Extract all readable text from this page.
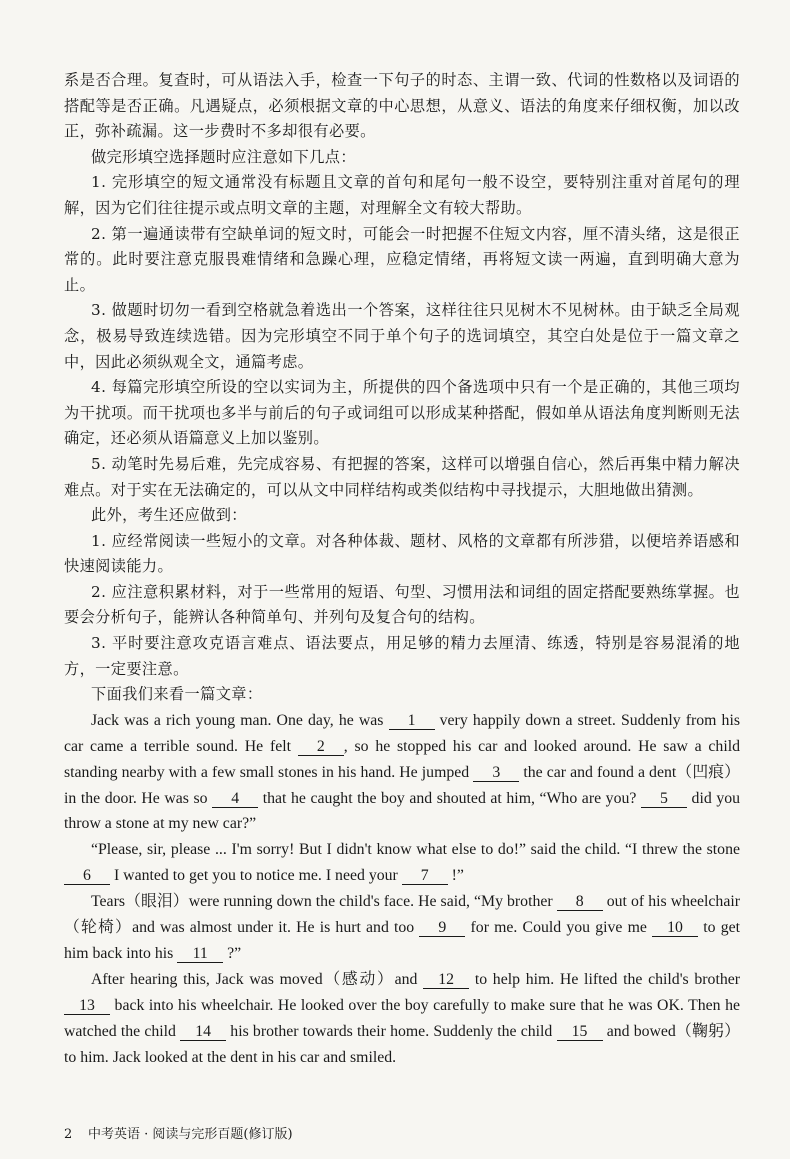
系是否合理。复查时，可从语法入手，检查一下句子的时态、主谓一致、代词的性数格以及词语的搭配等是否正确。凡遇疑点，必须根据文章的中心思想，从意义、语法的角度来仔细权衡，加以改正，弥补疏漏。这一步费时不多却很有必要。

做完形填空选择题时应注意如下几点：

1. 完形填空的短文通常没有标题且文章的首句和尾句一般不设空，要特别注重对首尾句的理解，因为它们往往提示或点明文章的主题，对理解全文有较大帮助。

2. 第一遍通读带有空缺单词的短文时，可能会一时把握不住短文内容，厘不清头绪，这是很正常的。此时要注意克服畏难情绪和急躁心理，应稳定情绪，再将短文读一两遍，直到明确大意为止。

3. 做题时切勿一看到空格就急着选出一个答案，这样往往只见树木不见树林。由于缺乏全局观念，极易导致连续选错。因为完形填空不同于单个句子的选词填空，其空白处是位于一篇文章之中，因此必须纵观全文，通篇考虑。

4. 每篇完形填空所设的空以实词为主，所提供的四个备选项中只有一个是正确的，其他三项均为干扰项。而干扰项也多半与前后的句子或词组可以形成某种搭配，假如单从语法角度判断则无法确定，还必须从语篇意义上加以鉴别。

5. 动笔时先易后难，先完成容易、有把握的答案，这样可以增强自信心，然后再集中精力解决难点。对于实在无法确定的，可以从文中同样结构或类似结构中寻找提示，大胆地做出猜测。

此外，考生还应做到：

1. 应经常阅读一些短小的文章。对各种体裁、题材、风格的文章都有所涉猎，以便培养语感和快速阅读能力。

2. 应注意积累材料，对于一些常用的短语、句型、习惯用法和词组的固定搭配要熟练掌握。也要会分析句子，能辨认各种简单句、并列句及复合句的结构。

3. 平时要注意攻克语言难点、语法要点，用足够的精力去厘清、练透，特别是容易混淆的地方，一定要注意。

下面我们来看一篇文章：

Jack was a rich young man. One day, he was 1 very happily down a street. Suddenly from his car came a terrible sound. He felt 2 , so he stopped his car and looked around. He saw a child standing nearby with a few small stones in his hand. He jumped 3 the car and found a dent（凹痕）in the door. He was so 4 that he caught the boy and shouted at him, “Who are you? 5 did you throw a stone at my new car?”

“Please, sir, please ... I'm sorry! But I didn't know what else to do!” said the child. “I threw the stone 6 I wanted to get you to notice me. I need your 7 !”

Tears（眼泪）were running down the child's face. He said, “My brother 8 out of his wheelchair（轮椅）and was almost under it. He is hurt and too 9 for me. Could you give me 10 to get him back into his 11 ?”

After hearing this, Jack was moved（感动）and 12 to help him. He lifted the child's brother 13 back into his wheelchair. He looked over the boy carefully to make sure that he was OK. Then he watched the child 14 his brother towards their home. Suddenly the child 15 and bowed（鞠躬）to him. Jack looked at the dent in his car and smiled.

2 中考英语 · 阅读与完形百题(修订版)
